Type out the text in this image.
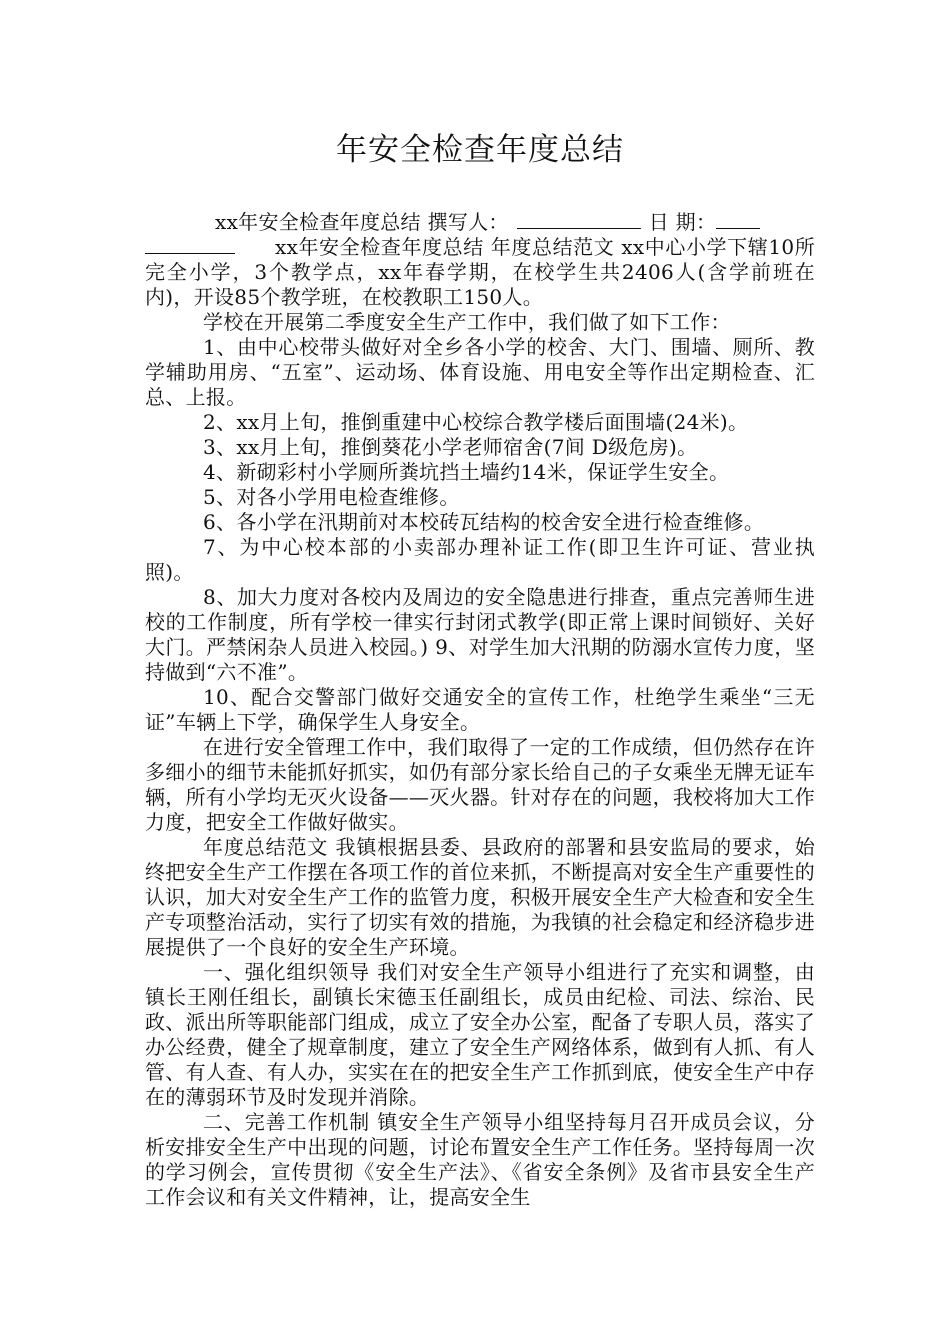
年安全检查年度总结

xx年安全检查年度总结 撰写人：	日 期：
xx年安全检查年度总结 年度总结范文 xx中心小学下辖10所完全小学，3个教学点，xx年春学期，在校学生共2406人(含学前班在内)，开设85个教学班，在校教职工150人。

学校在开展第二季度安全生产工作中，我们做了如下工作：

1、由中心校带头做好对全乡各小学的校舍、大门、围墙、厕所、教学辅助用房、“五室”、运动场、体育设施、用电安全等作出定期检查、汇总、上报。

2、xx月上旬，推倒重建中心校综合教学楼后面围墙(24米)。

3、xx月上旬，推倒葵花小学老师宿舍(7间 D级危房)。

4、新砌彩村小学厕所粪坑挡土墙约14米，保证学生安全。

5、对各小学用电检查维修。

6、各小学在汛期前对本校砖瓦结构的校舍安全进行检查维修。

7、为中心校本部的小卖部办理补证工作(即卫生许可证、营业执照)。

8、加大力度对各校内及周边的安全隐患进行排查，重点完善师生进校的工作制度，所有学校一律实行封闭式教学(即正常上课时间锁好、关好大门。严禁闲杂人员进入校园。) 9、对学生加大汛期的防溺水宣传力度，坚持做到“六不准”。

10、配合交警部门做好交通安全的宣传工作，杜绝学生乘坐“三无证”车辆上下学，确保学生人身安全。

在进行安全管理工作中，我们取得了一定的工作成绩，但仍然存在许多细小的细节未能抓好抓实，如仍有部分家长给自己的子女乘坐无牌无证车辆，所有小学均无灭火设备——灭火器。针对存在的问题，我校将加大工作力度，把安全工作做好做实。

年度总结范文 我镇根据县委、县政府的部署和县安监局的要求，始终把安全生产工作摆在各项工作的首位来抓，不断提高对安全生产重要性的认识，加大对安全生产工作的监管力度，积极开展安全生产大检查和安全生产专项整治活动，实行了切实有效的措施，为我镇的社会稳定和经济稳步进展提供了一个良好的安全生产环境。

一、强化组织领导 我们对安全生产领导小组进行了充实和调整，由镇长王刚任组长，副镇长宋德玉任副组长，成员由纪检、司法、综治、民政、派出所等职能部门组成，成立了安全办公室，配备了专职人员，落实了办公经费，健全了规章制度，建立了安全生产网络体系，做到有人抓、有人管、有人查、有人办，实实在在的把安全生产工作抓到底，使安全生产中存在的薄弱环节及时发现并消除。

二、完善工作机制 镇安全生产领导小组坚持每月召开成员会议，分析安排安全生产中出现的问题，讨论布置安全生产工作任务。坚持每周一次的学习例会，宣传贯彻《安全生产法》、《省安全条例》及省市县安全生产工作会议和有关文件精神，让，提高安全生
